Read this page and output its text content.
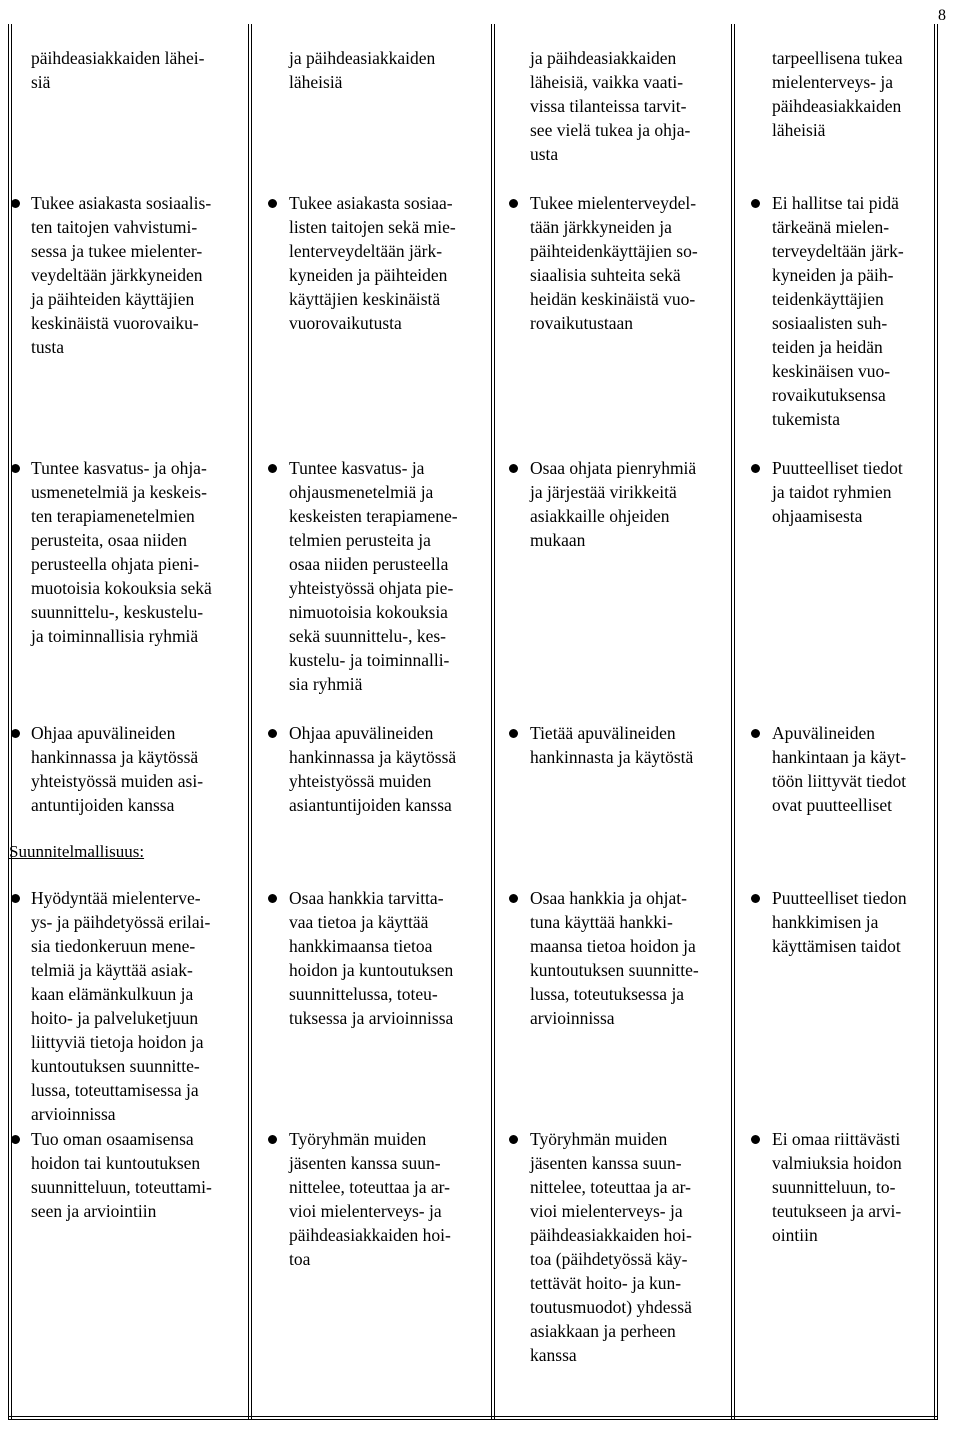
8
päihdeasiakkaiden lähei-
siä
ja päihdeasiakkaiden
läheisiä
ja päihdeasiakkaiden
läheisiä, vaikka vaati-
vissa tilanteissa tarvit-
see vielä tukea ja ohja-
usta
tarpeellisena tukea
mielenterveys- ja
päihdeasiakkaiden
läheisiä
Tukee asiakasta sosiaalis-
ten taitojen vahvistumi-
sessa ja tukee mielenter-
veydeltään järkkyneiden
ja päihteiden käyttäjien
keskinäistä vuorovaiku-
tusta
Tukee asiakasta sosiaa-
listen taitojen sekä mie-
lenterveydeltään järk-
kyneiden ja päihteiden
käyttäjien keskinäistä
vuorovaikutusta
Tukee mielenterveydel-
tään järkkyneiden ja
päihteidenkäyttäjien so-
siaalisia suhteita sekä
heidän keskinäistä vuo-
rovaikutustaan
Ei hallitse tai pidä
tärkeänä mielen-
terveydeltään järk-
kyneiden ja päih-
teidenkäyttäjien
sosiaalisten suh-
teiden ja heidän
keskinäisen vuo-
rovaikutuksensa
tukemista
Tuntee kasvatus- ja ohja-
usmenetelmiä ja keskeis-
ten terapiamenetelmien
perusteita, osaa niiden
perusteella ohjata pieni-
muotoisia kokouksia sekä
suunnittelu-, keskustelu-
ja toiminnallisia ryhmiä
Tuntee kasvatus- ja
ohjausmenetelmiä ja
keskeisten terapiamene-
telmien perusteita ja
osaa niiden perusteella
yhteistyössä ohjata pie-
nimuotoisia kokouksia
sekä suunnittelu-, kes-
kustelu- ja toiminnalli-
sia ryhmiä
Osaa ohjata pienryhmiä
ja järjestää virikkeitä
asiakkaille ohjeiden
mukaan
Puutteelliset tiedot
ja taidot ryhmien
ohjaamisesta
Ohjaa apuvälineiden
hankinnassa ja käytössä
yhteistyössä muiden asi-
antuntijoiden kanssa
Ohjaa apuvälineiden
hankinnassa ja käytössä
yhteistyössä muiden
asiantuntijoiden kanssa
Tietää apuvälineiden
hankinnasta ja käytöstä
Apuvälineiden
hankintaan ja käyt-
töön liittyvät tiedot
ovat puutteelliset
Suunnitelmallisuus:
Hyödyntää mielenterve-
ys- ja päihdetyössä erilai-
sia tiedonkeruun mene-
telmiä ja käyttää asiak-
kaan elämänkulkuun ja
hoito- ja palveluketjuun
liittyviä tietoja hoidon ja
kuntoutuksen suunnitte-
lussa, toteuttamisessa ja
arvioinnissa
Osaa hankkia tarvitta-
vaa tietoa ja käyttää
hankkimaansa tietoa
hoidon ja kuntoutuksen
suunnittelussa, toteu-
tuksessa ja arvioinnissa
Osaa hankkia ja ohjat-
tuna käyttää hankki-
maansa tietoa hoidon ja
kuntoutuksen suunnitte-
lussa, toteutuksessa ja
arvioinnissa
Puutteelliset tiedon
hankkimisen ja
käyttämisen taidot
Tuo oman osaamisensa
hoidon tai kuntoutuksen
suunnitteluun, toteuttami-
seen ja arviointiin
Työryhmän muiden
jäsenten kanssa suun-
nittelee, toteuttaa ja ar-
vioi mielenterveys- ja
päihdeasiakkaiden hoi-
toa
Työryhmän muiden
jäsenten kanssa suun-
nittelee, toteuttaa ja ar-
vioi mielenterveys- ja
päihdeasiakkaiden hoi-
toa (päihdetyössä käy-
tettävät hoito- ja kun-
toutusmuodot) yhdessä
asiakkaan ja perheen
kanssa
Ei omaa riittävästi
valmiuksia hoidon
suunnitteluun, to-
teutukseen ja arvi-
ointiin
